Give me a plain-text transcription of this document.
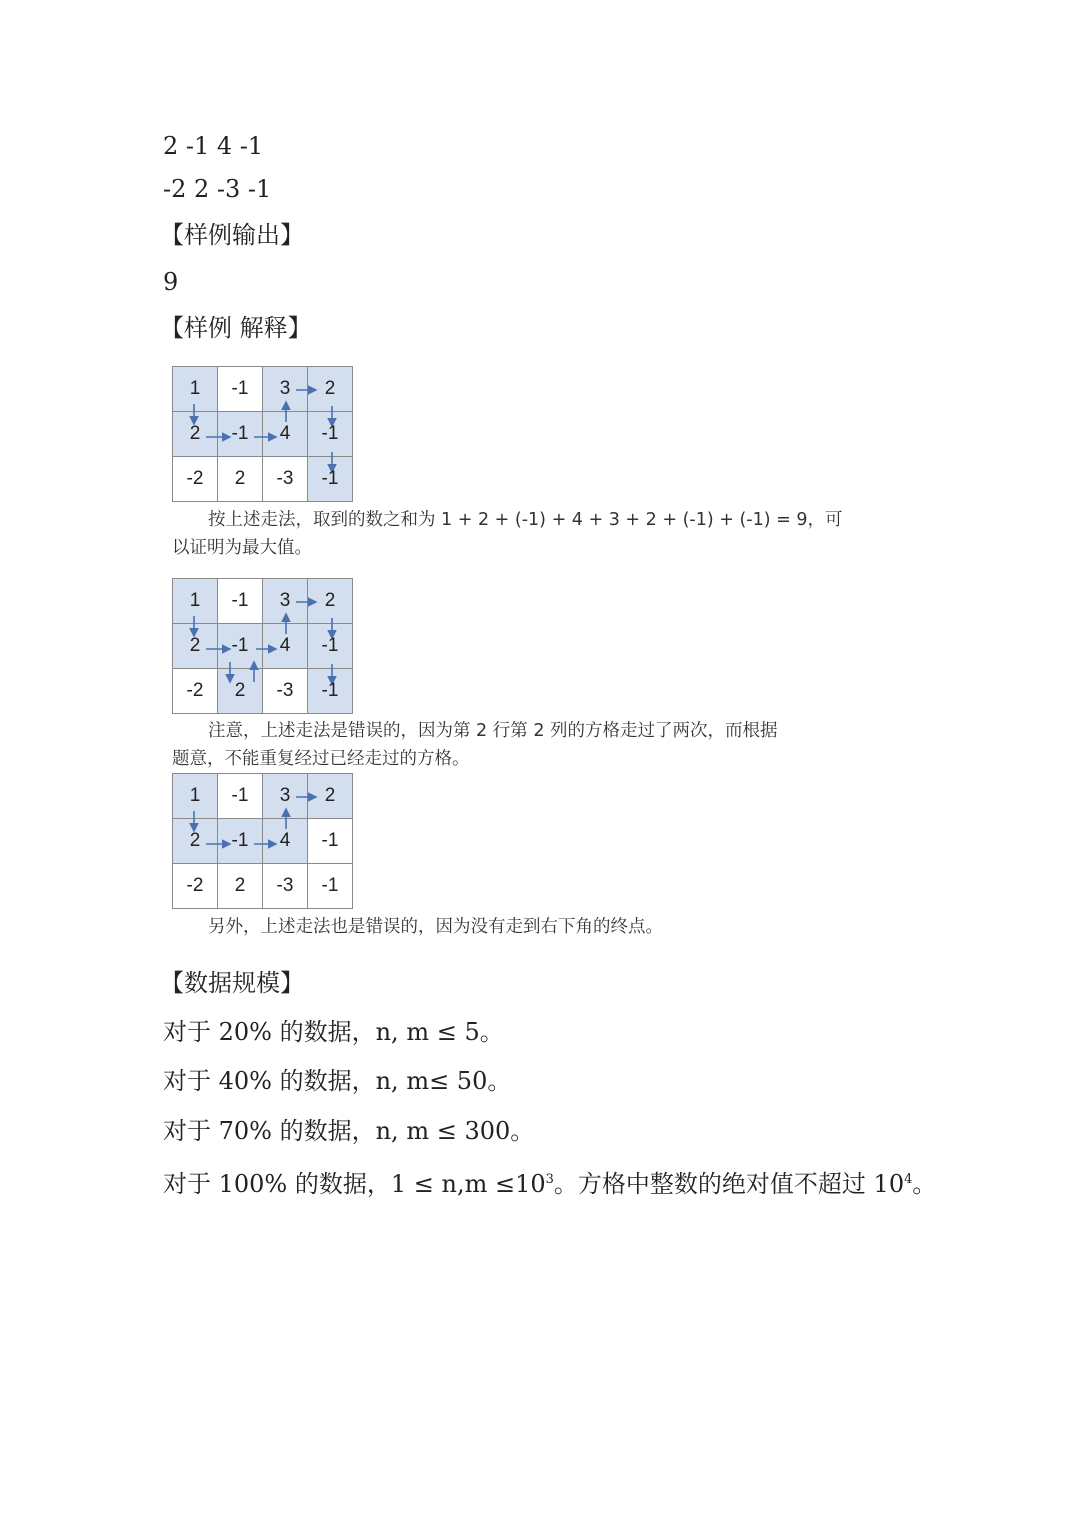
2 -1 4 -1
-2 2 -3 -1
【样例输出】
9
【样例 解释】
1	-1	3	2
2	-1	4	-1
-2	2	-3	-1
按上述走法，取到的数之和为 1 + 2 + (-1) + 4 + 3 + 2 + (-1) + (-1) = 9，可
以证明为最大值。
1	-1	3	2
2	-1	4	-1
-2	2	-3	-1
注意，上述走法是错误的，因为第 2 行第 2 列的方格走过了两次，而根据
题意，不能重复经过已经走过的方格。
1	-1	3	2
2	-1	4	-1
-2	2	-3	-1
另外，上述走法也是错误的，因为没有走到右下角的终点。
【数据规模】
对于 20% 的数据，n, m ≤ 5。
对于 40% 的数据，n, m≤ 50。
对于 70% 的数据，n, m ≤ 300。
对于 100% 的数据，$1 \le n,m \le 10^3$。方格中整数的绝对值不超过 $10^4$。
